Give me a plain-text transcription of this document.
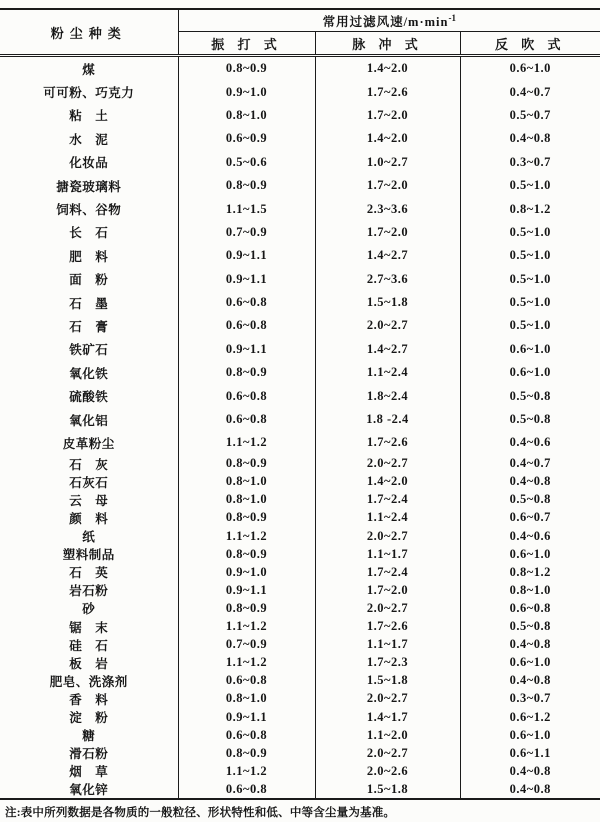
粉尘种类	常用过滤风速$/m\cdot\min^{-1}$
	振 打 式	脉 冲 式	反 吹 式
煤	0.8~0.9	1.4~2.0	0.6~1.0
可可粉、巧克力	0.9~1.0	1.7~2.6	0.4~0.7
粘　土	0.8~1.0	1.7~2.0	0.5~0.7
水　泥	0.6~0.9	1.4~2.0	0.4~0.8
化妆品	0.5~0.6	1.0~2.7	0.3~0.7
搪瓷玻璃料	0.8~0.9	1.7~2.0	0.5~1.0
饲料、谷物	1.1~1.5	2.3~3.6	0.8~1.2
长　石	0.7~0.9	1.7~2.0	0.5~1.0
肥　料	0.9~1.1	1.4~2.7	0.5~1.0
面　粉	0.9~1.1	2.7~3.6	0.5~1.0
石　墨	0.6~0.8	1.5~1.8	0.5~1.0
石　膏	0.6~0.8	2.0~2.7	0.5~1.0
铁矿石	0.9~1.1	1.4~2.7	0.6~1.0
氧化铁	0.8~0.9	1.1~2.4	0.6~1.0
硫酸铁	0.6~0.8	1.8~2.4	0.5~0.8
氧化铝	0.6~0.8	1.8 -2.4	0.5~0.8
皮革粉尘	1.1~1.2	1.7~2.6	0.4~0.6
石　灰	0.8~0.9	2.0~2.7	0.4~0.7
石灰石	0.8~1.0	1.4~2.0	0.4~0.8
云　母	0.8~1.0	1.7~2.4	0.5~0.8
颜　料	0.8~0.9	1.1~2.4	0.6~0.7
纸	1.1~1.2	2.0~2.7	0.4~0.6
塑料制品	0.8~0.9	1.1~1.7	0.6~1.0
石　英	0.9~1.0	1.7~2.4	0.8~1.2
岩石粉	0.9~1.1	1.7~2.0	0.8~1.0
砂	0.8~0.9	2.0~2.7	0.6~0.8
锯　末	1.1~1.2	1.7~2.6	0.5~0.8
硅　石	0.7~0.9	1.1~1.7	0.4~0.8
板　岩	1.1~1.2	1.7~2.3	0.6~1.0
肥皂、洗涤剂	0.6~0.8	1.5~1.8	0.4~0.8
香　料	0.8~1.0	2.0~2.7	0.3~0.7
淀　粉	0.9~1.1	1.4~1.7	0.6~1.2
糖	0.6~0.8	1.1~2.0	0.6~1.0
滑石粉	0.8~0.9	2.0~2.7	0.6~1.1
烟　草	1.1~1.2	2.0~2.6	0.4~0.8
氧化锌	0.6~0.8	1.5~1.8	0.4~0.8
注:表中所列数据是各物质的一般粒径、形状特性和低、中等含尘量为基准。
